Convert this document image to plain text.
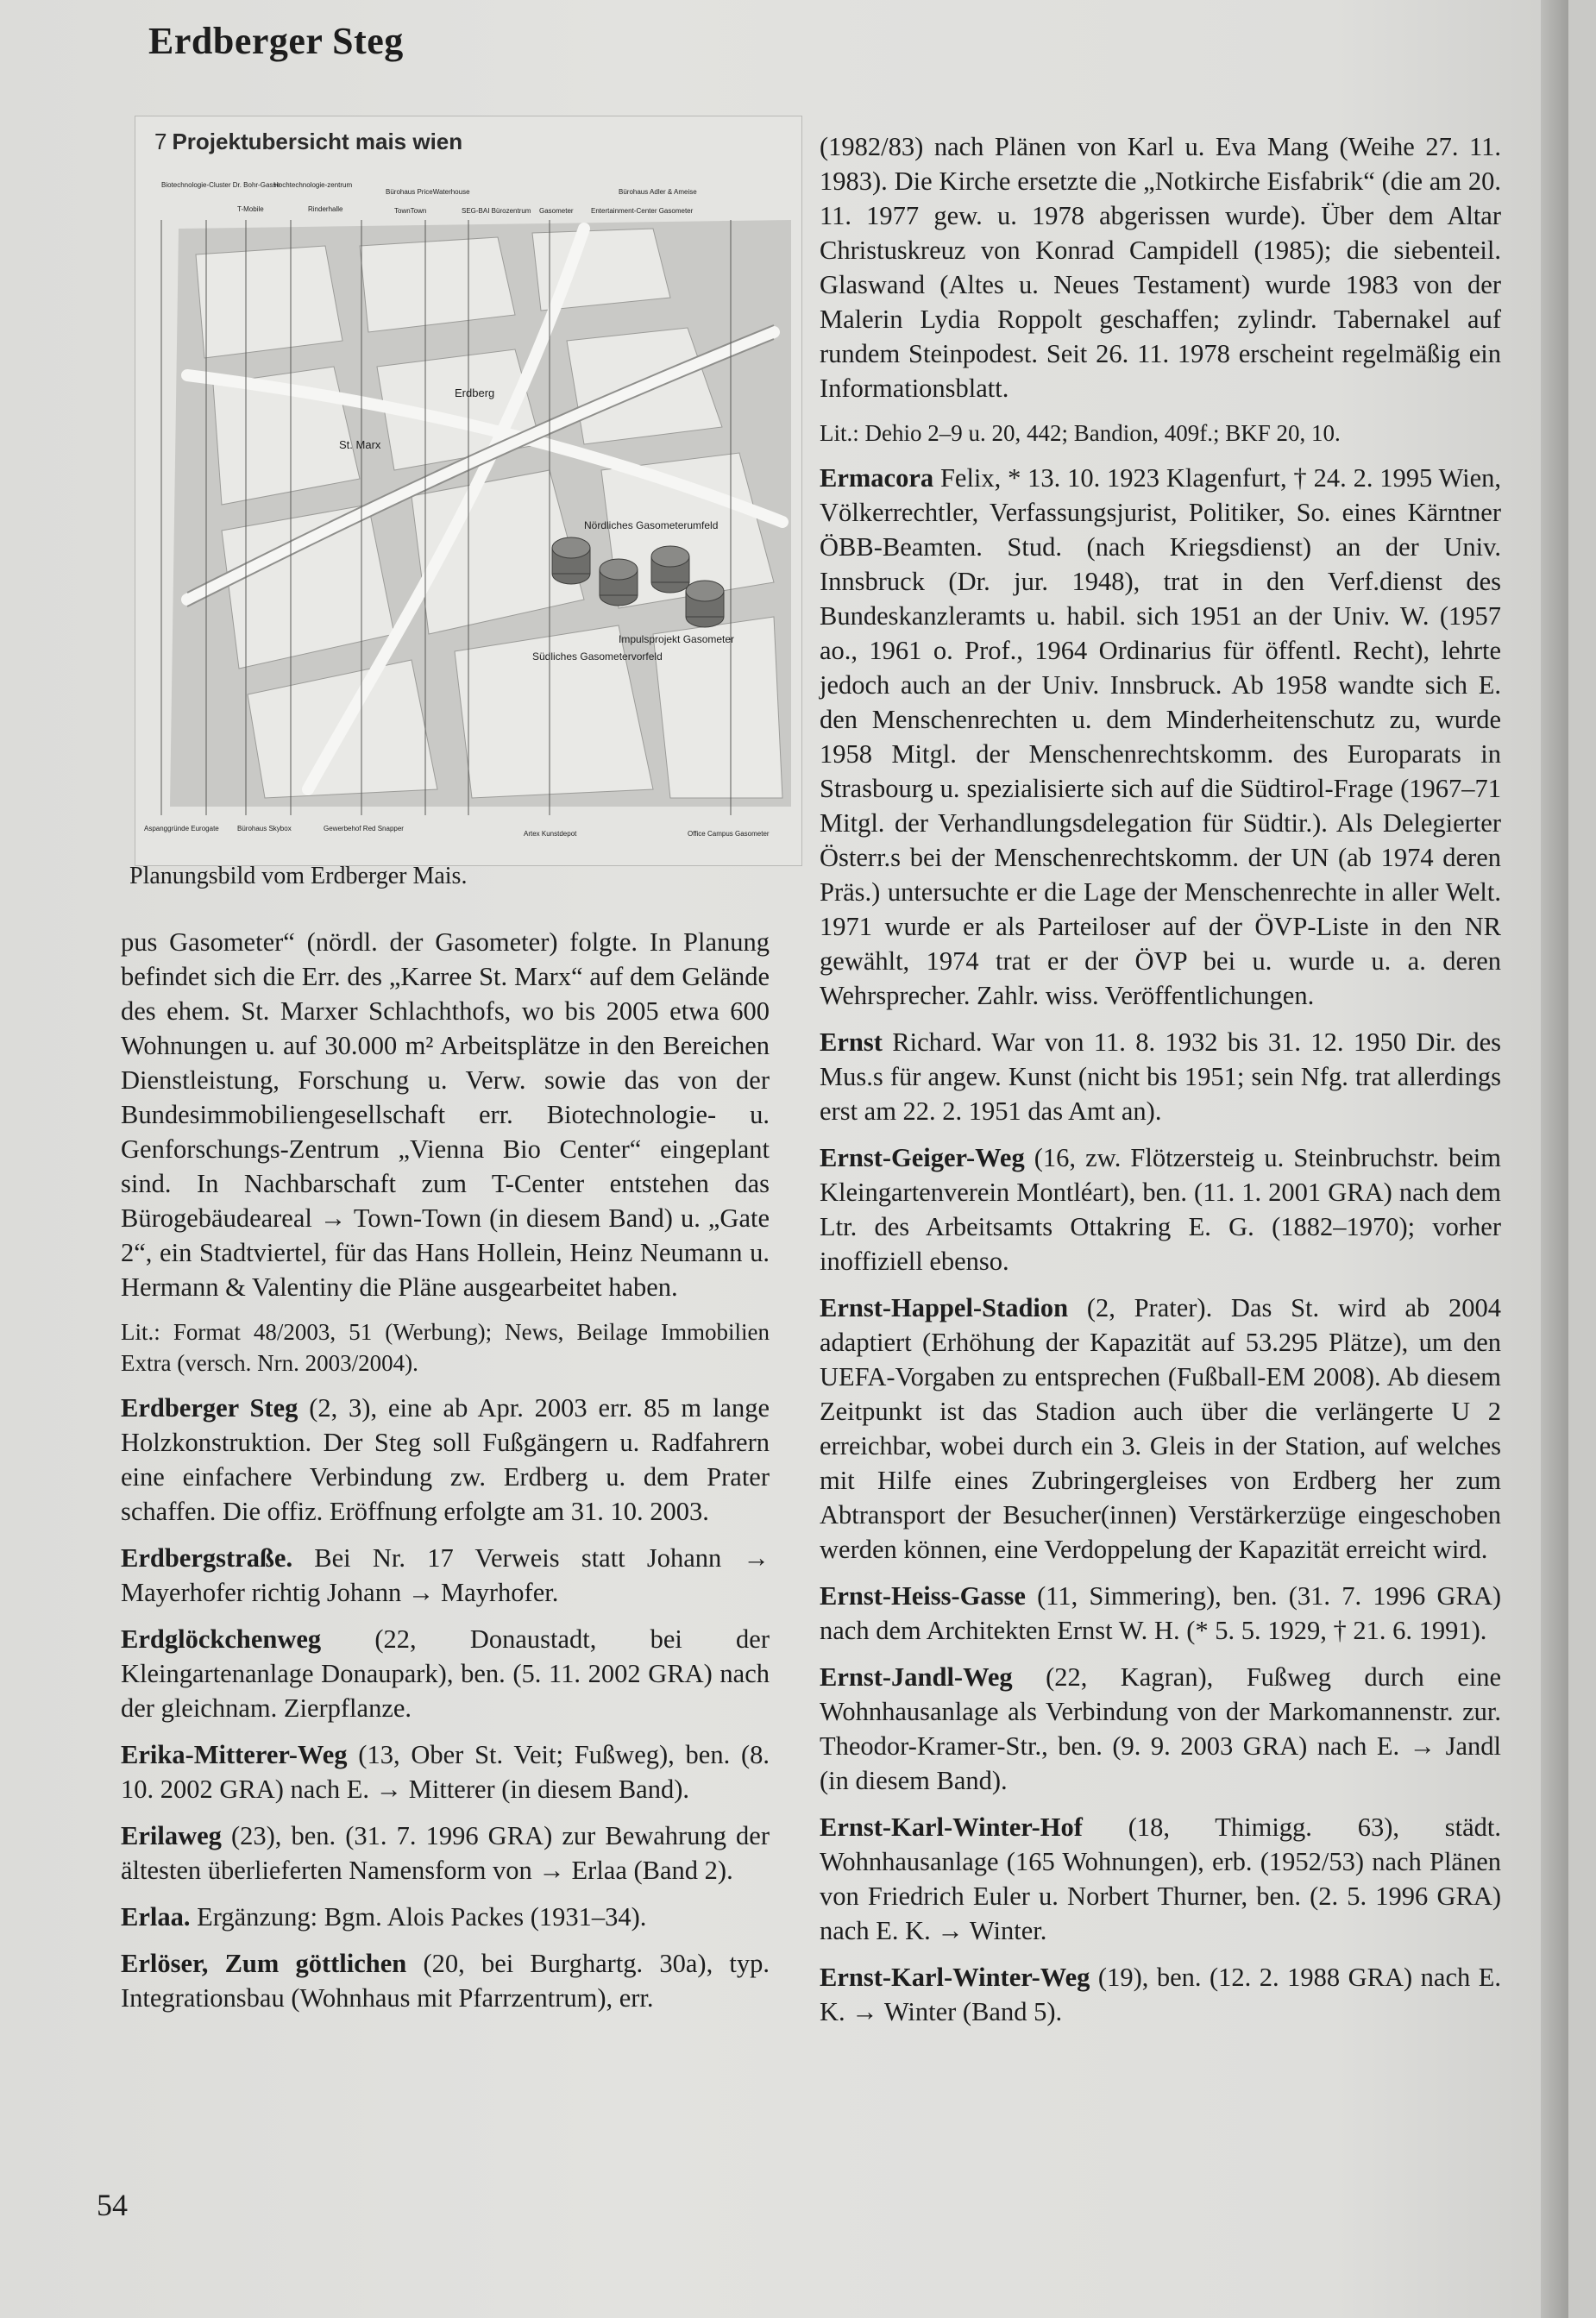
Erdberger Steg
Erdberg
St. Marx
Nördliches Gasometerumfeld
Impulsprojekt Gasometer
Südliches Gasometervorfeld
Biotechnologie-Cluster Dr. Bohr-Gasse
Hochtechnologie-zentrum
T-Mobile	Rinderhalle
Bürohaus PriceWaterhouse
TownTown	SEG-BAI Bürozentrum
Bürohaus Adler & Ameise
Gasometer	Entertainment-Center Gasometer
Aspanggründe Eurogate	Bürohaus Skybox	Gewerbehof Red Snapper
Artex Kunstdepot	Office Campus Gasometer
7 Projektubersicht mais wien
Planungsbild vom Erdberger Mais.

pus Gasometer“ (nördl. der Gasometer) folgte. In Planung befindet sich die Err. des „Karree St. Marx“ auf dem Gelände des ehem. St. Marxer Schlachthofs, wo bis 2005 etwa 600 Wohnungen u. auf 30.000 m² Arbeitsplätze in den Bereichen Dienstleistung, Forschung u. Verw. sowie das von der Bundesimmobiliengesellschaft err. Biotechnologie- u. Genforschungs-Zentrum „Vienna Bio Center“ eingeplant sind. In Nachbarschaft zum T-Center entstehen das Bürogebäudeareal → Town-Town (in diesem Band) u. „Gate 2“, ein Stadtviertel, für das Hans Hollein, Heinz Neumann u. Hermann & Valentiny die Pläne ausgearbeitet haben.

Lit.: Format 48/2003, 51 (Werbung); News, Beilage Immobilien Extra (versch. Nrn. 2003/2004).

Erdberger Steg (2, 3), eine ab Apr. 2003 err. 85 m lange Holzkonstruktion. Der Steg soll Fußgängern u. Radfahrern eine einfachere Verbindung zw. Erdberg u. dem Prater schaffen. Die offiz. Eröffnung erfolgte am 31. 10. 2003.

Erdbergstraße. Bei Nr. 17 Verweis statt Johann → Mayerhofer richtig Johann → Mayrhofer.

Erdglöckchenweg (22, Donaustadt, bei der Kleingartenanlage Donaupark), ben. (5. 11. 2002 GRA) nach der gleichnam. Zierpflanze.

Erika-Mitterer-Weg (13, Ober St. Veit; Fußweg), ben. (8. 10. 2002 GRA) nach E. → Mitterer (in diesem Band).

Erilaweg (23), ben. (31. 7. 1996 GRA) zur Bewahrung der ältesten überlieferten Namensform von → Erlaa (Band 2).

Erlaa. Ergänzung: Bgm. Alois Packes (1931–34).

Erlöser, Zum göttlichen (20, bei Burghartg. 30a), typ. Integrationsbau (Wohnhaus mit Pfarrzentrum), err.

(1982/83) nach Plänen von Karl u. Eva Mang (Weihe 27. 11. 1983). Die Kirche ersetzte die „Notkirche Eisfabrik“ (die am 20. 11. 1977 gew. u. 1978 abgerissen wurde). Über dem Altar Christuskreuz von Konrad Campidell (1985); die siebenteil. Glaswand (Altes u. Neues Testament) wurde 1983 von der Malerin Lydia Roppolt geschaffen; zylindr. Tabernakel auf rundem Steinpodest. Seit 26. 11. 1978 erscheint regelmäßig ein Informationsblatt.

Lit.: Dehio 2–9 u. 20, 442; Bandion, 409f.; BKF 20, 10.

Ermacora Felix, * 13. 10. 1923 Klagenfurt, † 24. 2. 1995 Wien, Völkerrechtler, Verfassungsjurist, Politiker, So. eines Kärntner ÖBB-Beamten. Stud. (nach Kriegsdienst) an der Univ. Innsbruck (Dr. jur. 1948), trat in den Verf.dienst des Bundeskanzleramts u. habil. sich 1951 an der Univ. W. (1957 ao., 1961 o. Prof., 1964 Ordinarius für öffentl. Recht), lehrte jedoch auch an der Univ. Innsbruck. Ab 1958 wandte sich E. den Menschenrechten u. dem Minderheitenschutz zu, wurde 1958 Mitgl. der Menschenrechtskomm. des Europarats in Strasbourg u. spezialisierte sich auf die Südtirol-Frage (1967–71 Mitgl. der Verhandlungsdelegation für Südtir.). Als Delegierter Österr.s bei der Menschenrechtskomm. der UN (ab 1974 deren Präs.) untersuchte er die Lage der Menschenrechte in aller Welt. 1971 wurde er als Parteiloser auf der ÖVP-Liste in den NR gewählt, 1974 trat er der ÖVP bei u. wurde u. a. deren Wehrsprecher. Zahlr. wiss. Veröffentlichungen.

Ernst Richard. War von 11. 8. 1932 bis 31. 12. 1950 Dir. des Mus.s für angew. Kunst (nicht bis 1951; sein Nfg. trat allerdings erst am 22. 2. 1951 das Amt an).

Ernst-Geiger-Weg (16, zw. Flötzersteig u. Steinbruchstr. beim Kleingartenverein Montléart), ben. (11. 1. 2001 GRA) nach dem Ltr. des Arbeitsamts Ottakring E. G. (1882–1970); vorher inoffiziell ebenso.

Ernst-Happel-Stadion (2, Prater). Das St. wird ab 2004 adaptiert (Erhöhung der Kapazität auf 53.295 Plätze), um den UEFA-Vorgaben zu entsprechen (Fußball-EM 2008). Ab diesem Zeitpunkt ist das Stadion auch über die verlängerte U 2 erreichbar, wobei durch ein 3. Gleis in der Station, auf welches mit Hilfe eines Zubringergleises von Erdberg her zum Abtransport der Besucher(innen) Verstärkerzüge eingeschoben werden können, eine Verdoppelung der Kapazität erreicht wird.

Ernst-Heiss-Gasse (11, Simmering), ben. (31. 7. 1996 GRA) nach dem Architekten Ernst W. H. (* 5. 5. 1929, † 21. 6. 1991).

Ernst-Jandl-Weg (22, Kagran), Fußweg durch eine Wohnhausanlage als Verbindung von der Markomannenstr. zur. Theodor-Kramer-Str., ben. (9. 9. 2003 GRA) nach E. → Jandl (in diesem Band).

Ernst-Karl-Winter-Hof (18, Thimigg. 63), städt. Wohnhausanlage (165 Wohnungen), erb. (1952/53) nach Plänen von Friedrich Euler u. Norbert Thurner, ben. (2. 5. 1996 GRA) nach E. K. → Winter.

Ernst-Karl-Winter-Weg (19), ben. (12. 2. 1988 GRA) nach E. K. → Winter (Band 5).

54
